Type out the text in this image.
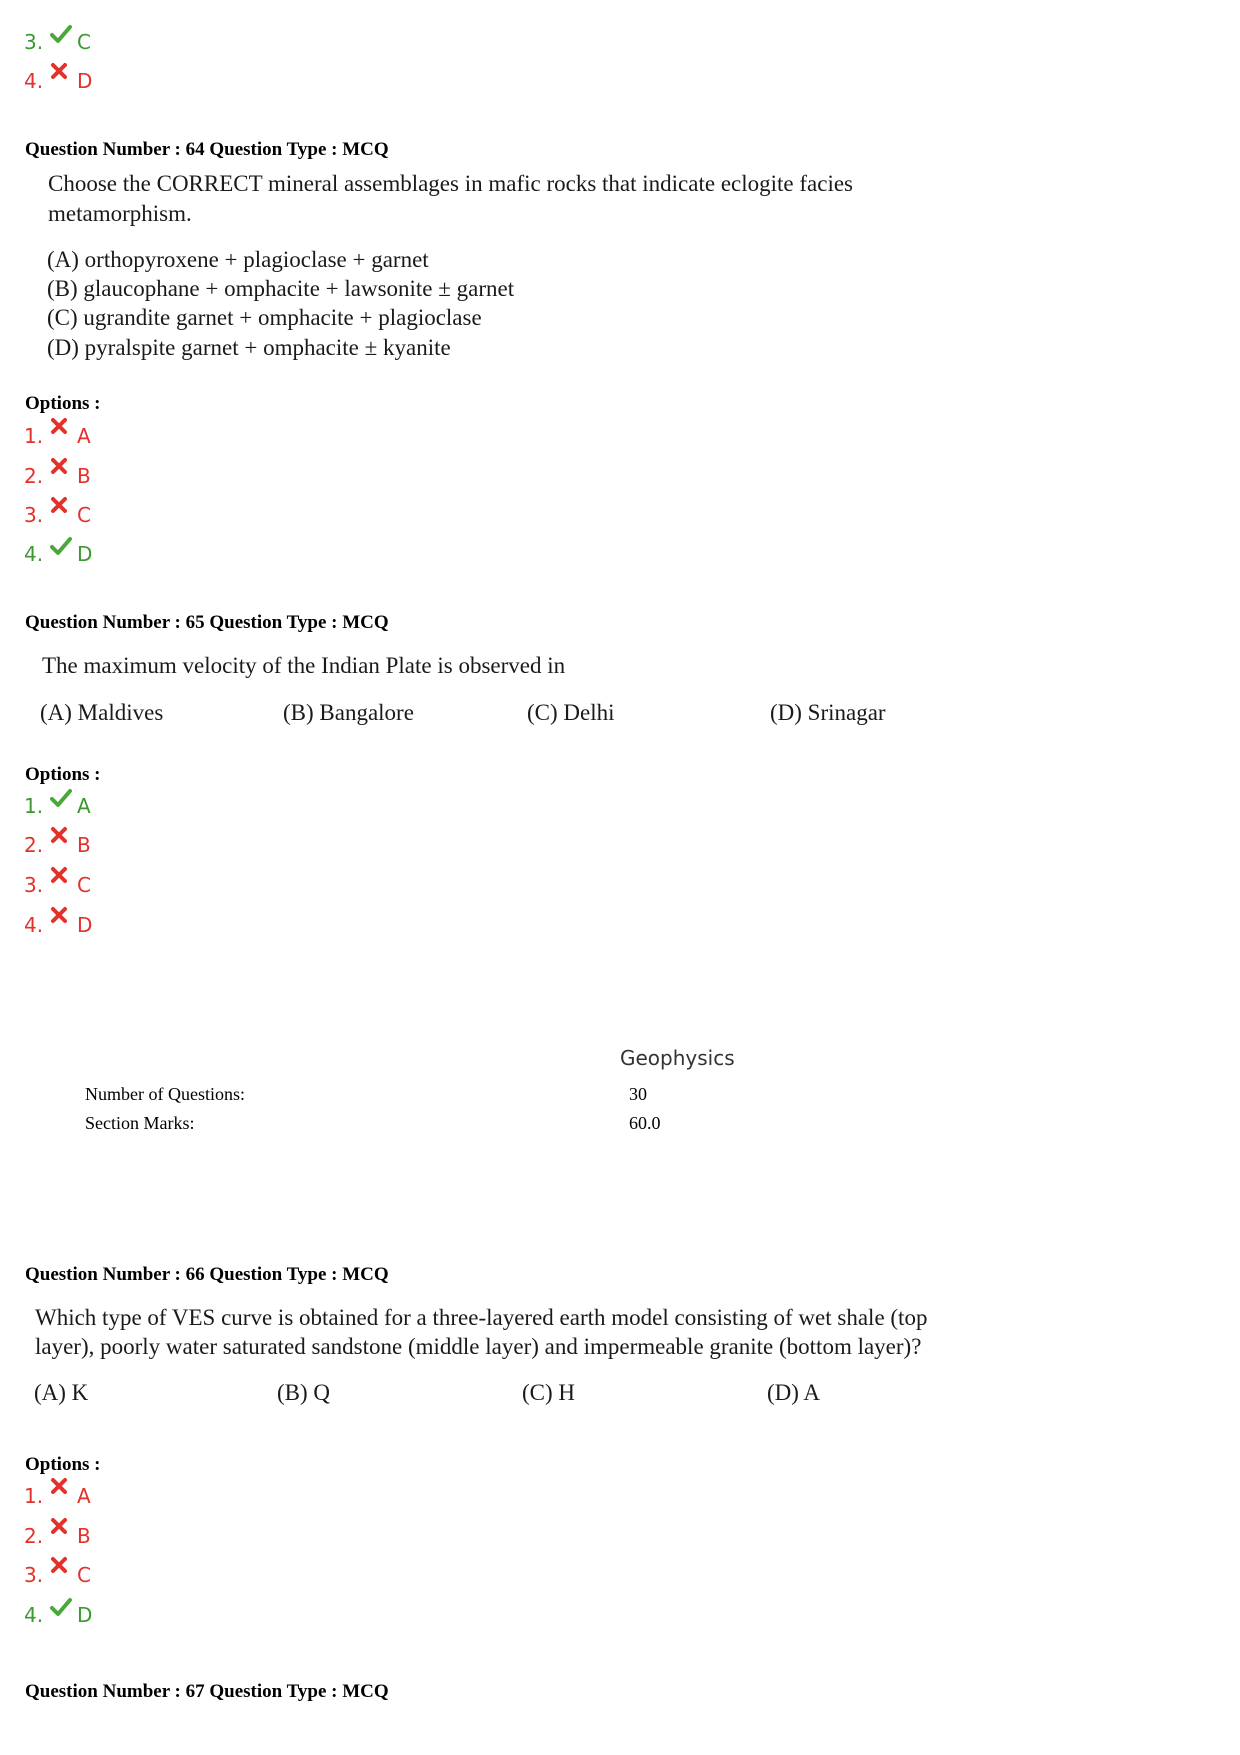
3.	C
4.	D
Question Number : 64 Question Type : MCQ
Choose the CORRECT mineral assemblages in mafic rocks that indicate eclogite facies
metamorphism.
(A) orthopyroxene + plagioclase + garnet
(B) glaucophane + omphacite + lawsonite ± garnet
(C) ugrandite garnet + omphacite + plagioclase
(D) pyralspite garnet + omphacite ± kyanite
Options :
1.	A
2.	B
3.	C
4.	D
Question Number : 65 Question Type : MCQ
The maximum velocity of the Indian Plate is observed in
(A) Maldives	(B) Bangalore	(C) Delhi	(D) Srinagar
Options :
1.	A
2.	B
3.	C
4.	D
Geophysics
Number of Questions:	30
Section Marks:	60.0
Question Number : 66 Question Type : MCQ
Which type of VES curve is obtained for a three-layered earth model consisting of wet shale (top
layer), poorly water saturated sandstone (middle layer) and impermeable granite (bottom layer)?
(A) K	(B) Q	(C) H	(D) A
Options :
1.	A
2.	B
3.	C
4.	D
Question Number : 67 Question Type : MCQ
